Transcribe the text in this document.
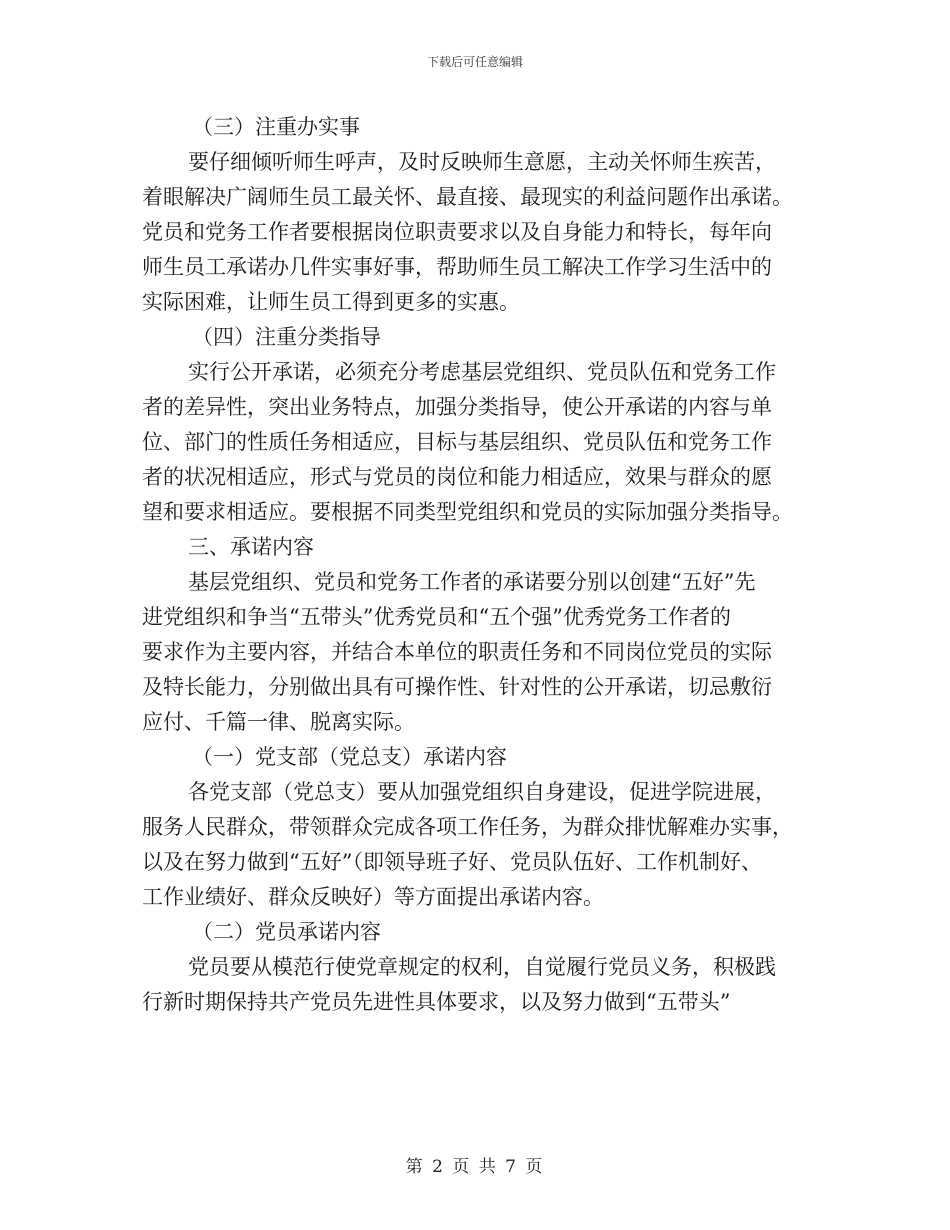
下载后可任意编辑
（三）注重办实事
要仔细倾听师生呼声，及时反映师生意愿，主动关怀师生疾苦，
着眼解决广阔师生员工最关怀、最直接、最现实的利益问题作出承诺。
党员和党务工作者要根据岗位职责要求以及自身能力和特长，每年向
师生员工承诺办几件实事好事，帮助师生员工解决工作学习生活中的
实际困难，让师生员工得到更多的实惠。
（四）注重分类指导
实行公开承诺，必须充分考虑基层党组织、党员队伍和党务工作
者的差异性，突出业务特点，加强分类指导，使公开承诺的内容与单
位、部门的性质任务相适应，目标与基层组织、党员队伍和党务工作
者的状况相适应，形式与党员的岗位和能力相适应，效果与群众的愿
望和要求相适应。要根据不同类型党组织和党员的实际加强分类指导。
三、承诺内容
基层党组织、党员和党务工作者的承诺要分别以创建“五好”先
进党组织和争当“五带头”优秀党员和“五个强”优秀党务工作者的
要求作为主要内容，并结合本单位的职责任务和不同岗位党员的实际
及特长能力，分别做出具有可操作性、针对性的公开承诺，切忌敷衍
应付、千篇一律、脱离实际。
（一）党支部（党总支）承诺内容
各党支部（党总支）要从加强党组织自身建设，促进学院进展，
服务人民群众，带领群众完成各项工作任务，为群众排忧解难办实事，
以及在努力做到“五好”（即领导班子好、党员队伍好、工作机制好、
工作业绩好、群众反映好）等方面提出承诺内容。
（二）党员承诺内容
党员要从模范行使党章规定的权利，自觉履行党员义务，积极践
行新时期保持共产党员先进性具体要求，以及努力做到“五带头”
第 2 页 共 7 页
